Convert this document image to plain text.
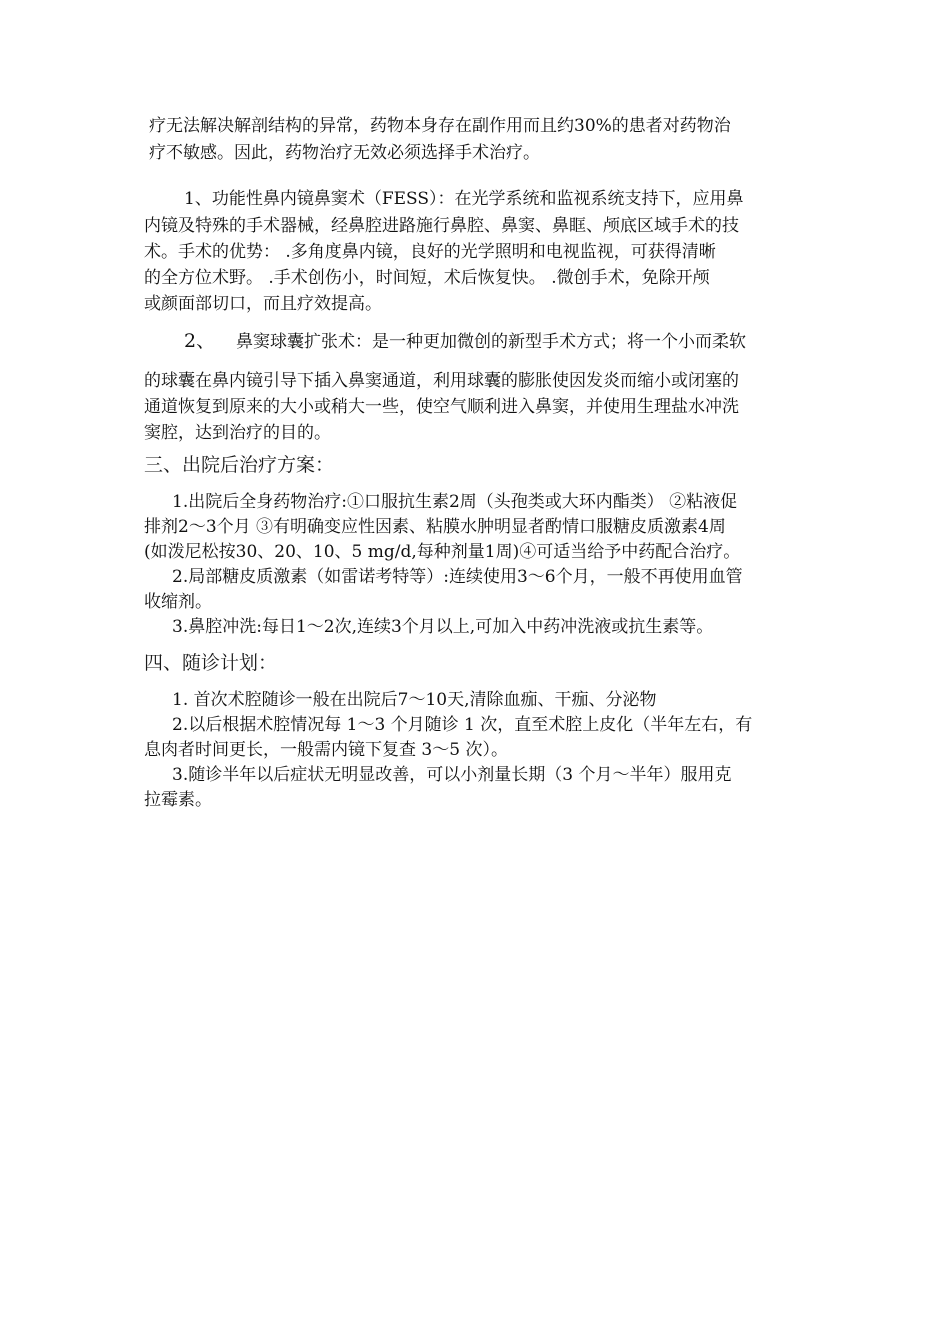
疗无法解决解剖结构的异常，药物本身存在副作用而且约30%的患者对药物治
疗不敏感。因此，药物治疗无效必须选择手术治疗。
1、功能性鼻内镜鼻窦术（FESS）：在光学系统和监视系统支持下，应用鼻
内镜及特殊的手术器械，经鼻腔进路施行鼻腔、鼻窦、鼻眶、颅底区域手术的技
术。手术的优势： .多角度鼻内镜，良好的光学照明和电视监视，可获得清晰
的全方位术野。 .手术创伤小，时间短，术后恢复快。 .微创手术，免除开颅
或颜面部切口，而且疗效提高。
2、 鼻窦球囊扩张术：是一种更加微创的新型手术方式；将一个小而柔软
的球囊在鼻内镜引导下插入鼻窦通道，利用球囊的膨胀使因发炎而缩小或闭塞的
通道恢复到原来的大小或稍大一些，使空气顺利进入鼻窦，并使用生理盐水冲洗
窦腔，达到治疗的目的。
三、出院后治疗方案：
1.出院后全身药物治疗:①口服抗生素2周（头孢类或大环内酯类） ②粘液促
排剂2～3个月 ③有明确变应性因素、粘膜水肿明显者酌情口服糖皮质激素4周
(如泼尼松按30、20、10、5 mg/d,每种剂量1周)④可适当给予中药配合治疗。
2.局部糖皮质激素（如雷诺考特等）:连续使用3～6个月，一般不再使用血管
收缩剂。
3.鼻腔冲洗:每日1～2次,连续3个月以上,可加入中药冲洗液或抗生素等。
四、随诊计划：
1. 首次术腔随诊一般在出院后7～10天,清除血痂、干痂、分泌物
2.以后根据术腔情况每 1～3 个月随诊 1 次，直至术腔上皮化（半年左右，有
息肉者时间更长，一般需内镜下复查 3～5 次）。
3.随诊半年以后症状无明显改善，可以小剂量长期（3 个月～半年）服用克
拉霉素。
